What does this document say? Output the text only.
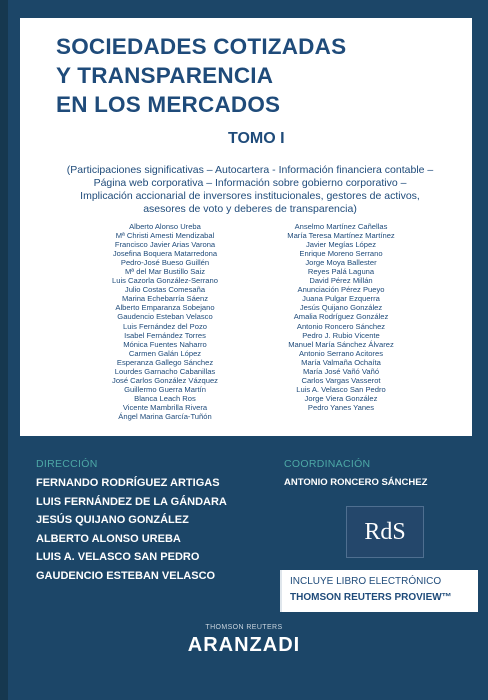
SOCIEDADES COTIZADAS
Y TRANSPARENCIA
EN LOS MERCADOS
TOMO I
(Participaciones significativas – Autocartera - Información financiera contable –
Página web corporativa – Información sobre gobierno corporativo –
Implicación accionarial de inversores institucionales, gestores de activos,
asesores de voto y deberes de transparencia)
Alberto Alonso Ureba
Mª Christi Amesti Mendizabal
Francisco Javier Arias Varona
Josefina Boquera Matarredona
Pedro-José Bueso Guillén
Mª del Mar Bustillo Saiz
Luis Cazorla González-Serrano
Julio Costas Comesaña
Marina Echebarría Sáenz
Alberto Emparanza Sobejano
Gaudencio Esteban Velasco
Luis Fernández del Pozo
Isabel Fernández Torres
Mónica Fuentes Naharro
Carmen Galán López
Esperanza Gallego Sánchez
Lourdes Garnacho Cabanillas
José Carlos González Vázquez
Guillermo Guerra Martín
Blanca Leach Ros
Vicente Mambrilla Rivera
Ángel Marina García-Tuñón
Anselmo Martínez Cañellas
María Teresa Martínez Martínez
Javier Megías López
Enrique Moreno Serrano
Jorge Moya Ballester
Reyes Palá Laguna
David Pérez Millán
Anunciación Pérez Pueyo
Juana Pulgar Ezquerra
Jesús Quijano González
Amalia Rodríguez González
Antonio Roncero Sánchez
Pedro J. Rubio Vicente
Manuel María Sánchez Álvarez
Antonio Serrano Acitores
María Valmaña Ochaíta
María José Vañó Vañó
Carlos Vargas Vasserot
Luis A. Velasco San Pedro
Jorge Viera González
Pedro Yanes Yanes
DIRECCIÓN
FERNANDO RODRÍGUEZ ARTIGAS
LUIS FERNÁNDEZ DE LA GÁNDARA
JESÚS QUIJANO GONZÁLEZ
ALBERTO ALONSO UREBA
LUIS A. VELASCO SAN PEDRO
GAUDENCIO ESTEBAN VELASCO
COORDINACIÓN
ANTONIO RONCERO SÁNCHEZ
RdS
INCLUYE LIBRO ELECTRÓNICO
THOMSON REUTERS PROVIEW™
THOMSON REUTERS
ARANZADI
